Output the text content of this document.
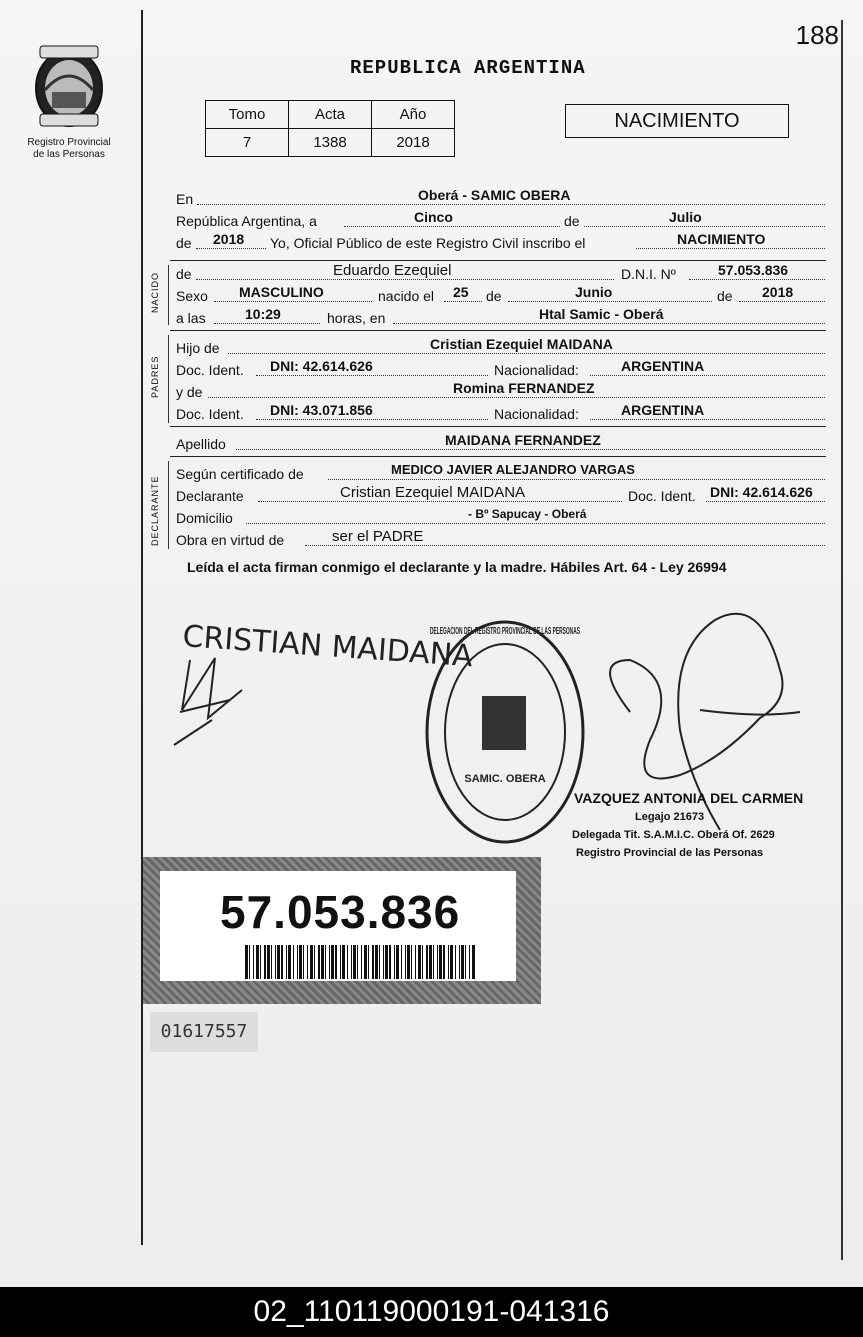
188
Registro Provincial
de las Personas
REPUBLICA ARGENTINA
Tomo	Acta	Año
7	1388	2018
NACIMIENTO
En	Oberá - SAMIC OBERA
República Argentina, a	Cinco	de	Julio
de 2018 Yo, Oficial Público de este Registro Civil inscribo el	NACIMIENTO
NACIDO de	Eduardo Ezequiel	D.N.I. Nº	57.053.836
Sexo MASCULINO	nacido el 25 de	Junio	de 2018
a las	10:29	horas, en	Htal Samic - Oberá
PADRES
Hijo de	Cristian Ezequiel MAIDANA
Doc. Ident. DNI: 42.614.626	Nacionalidad:	ARGENTINA
y de	Romina FERNANDEZ
Doc. Ident. DNI: 43.071.856	Nacionalidad:	ARGENTINA
Apellido	MAIDANA FERNANDEZ
DECLARANTE
Según certificado de	MEDICO JAVIER ALEJANDRO VARGAS
Declarante	Cristian Ezequiel MAIDANA	Doc. Ident. DNI: 42.614.626
Domicilio	- Bº Sapucay - Oberá
Obra en virtud de	ser el PADRE
Leída el acta firman conmigo el declarante y la madre. Hábiles Art. 64 - Ley 26994
CRISTIAN MAIDANA
DELEGACION DEL REGISTRO PROVINCIAL DE LAS PERSONAS
SAMIC. OBERA
VAZQUEZ ANTONIA DEL CARMEN
Legajo 21673
Delegada Tit. S.A.M.I.C. Oberá Of. 2629
Registro Provincial de las Personas
57.053.836
01617557
02_110119000191-041316
